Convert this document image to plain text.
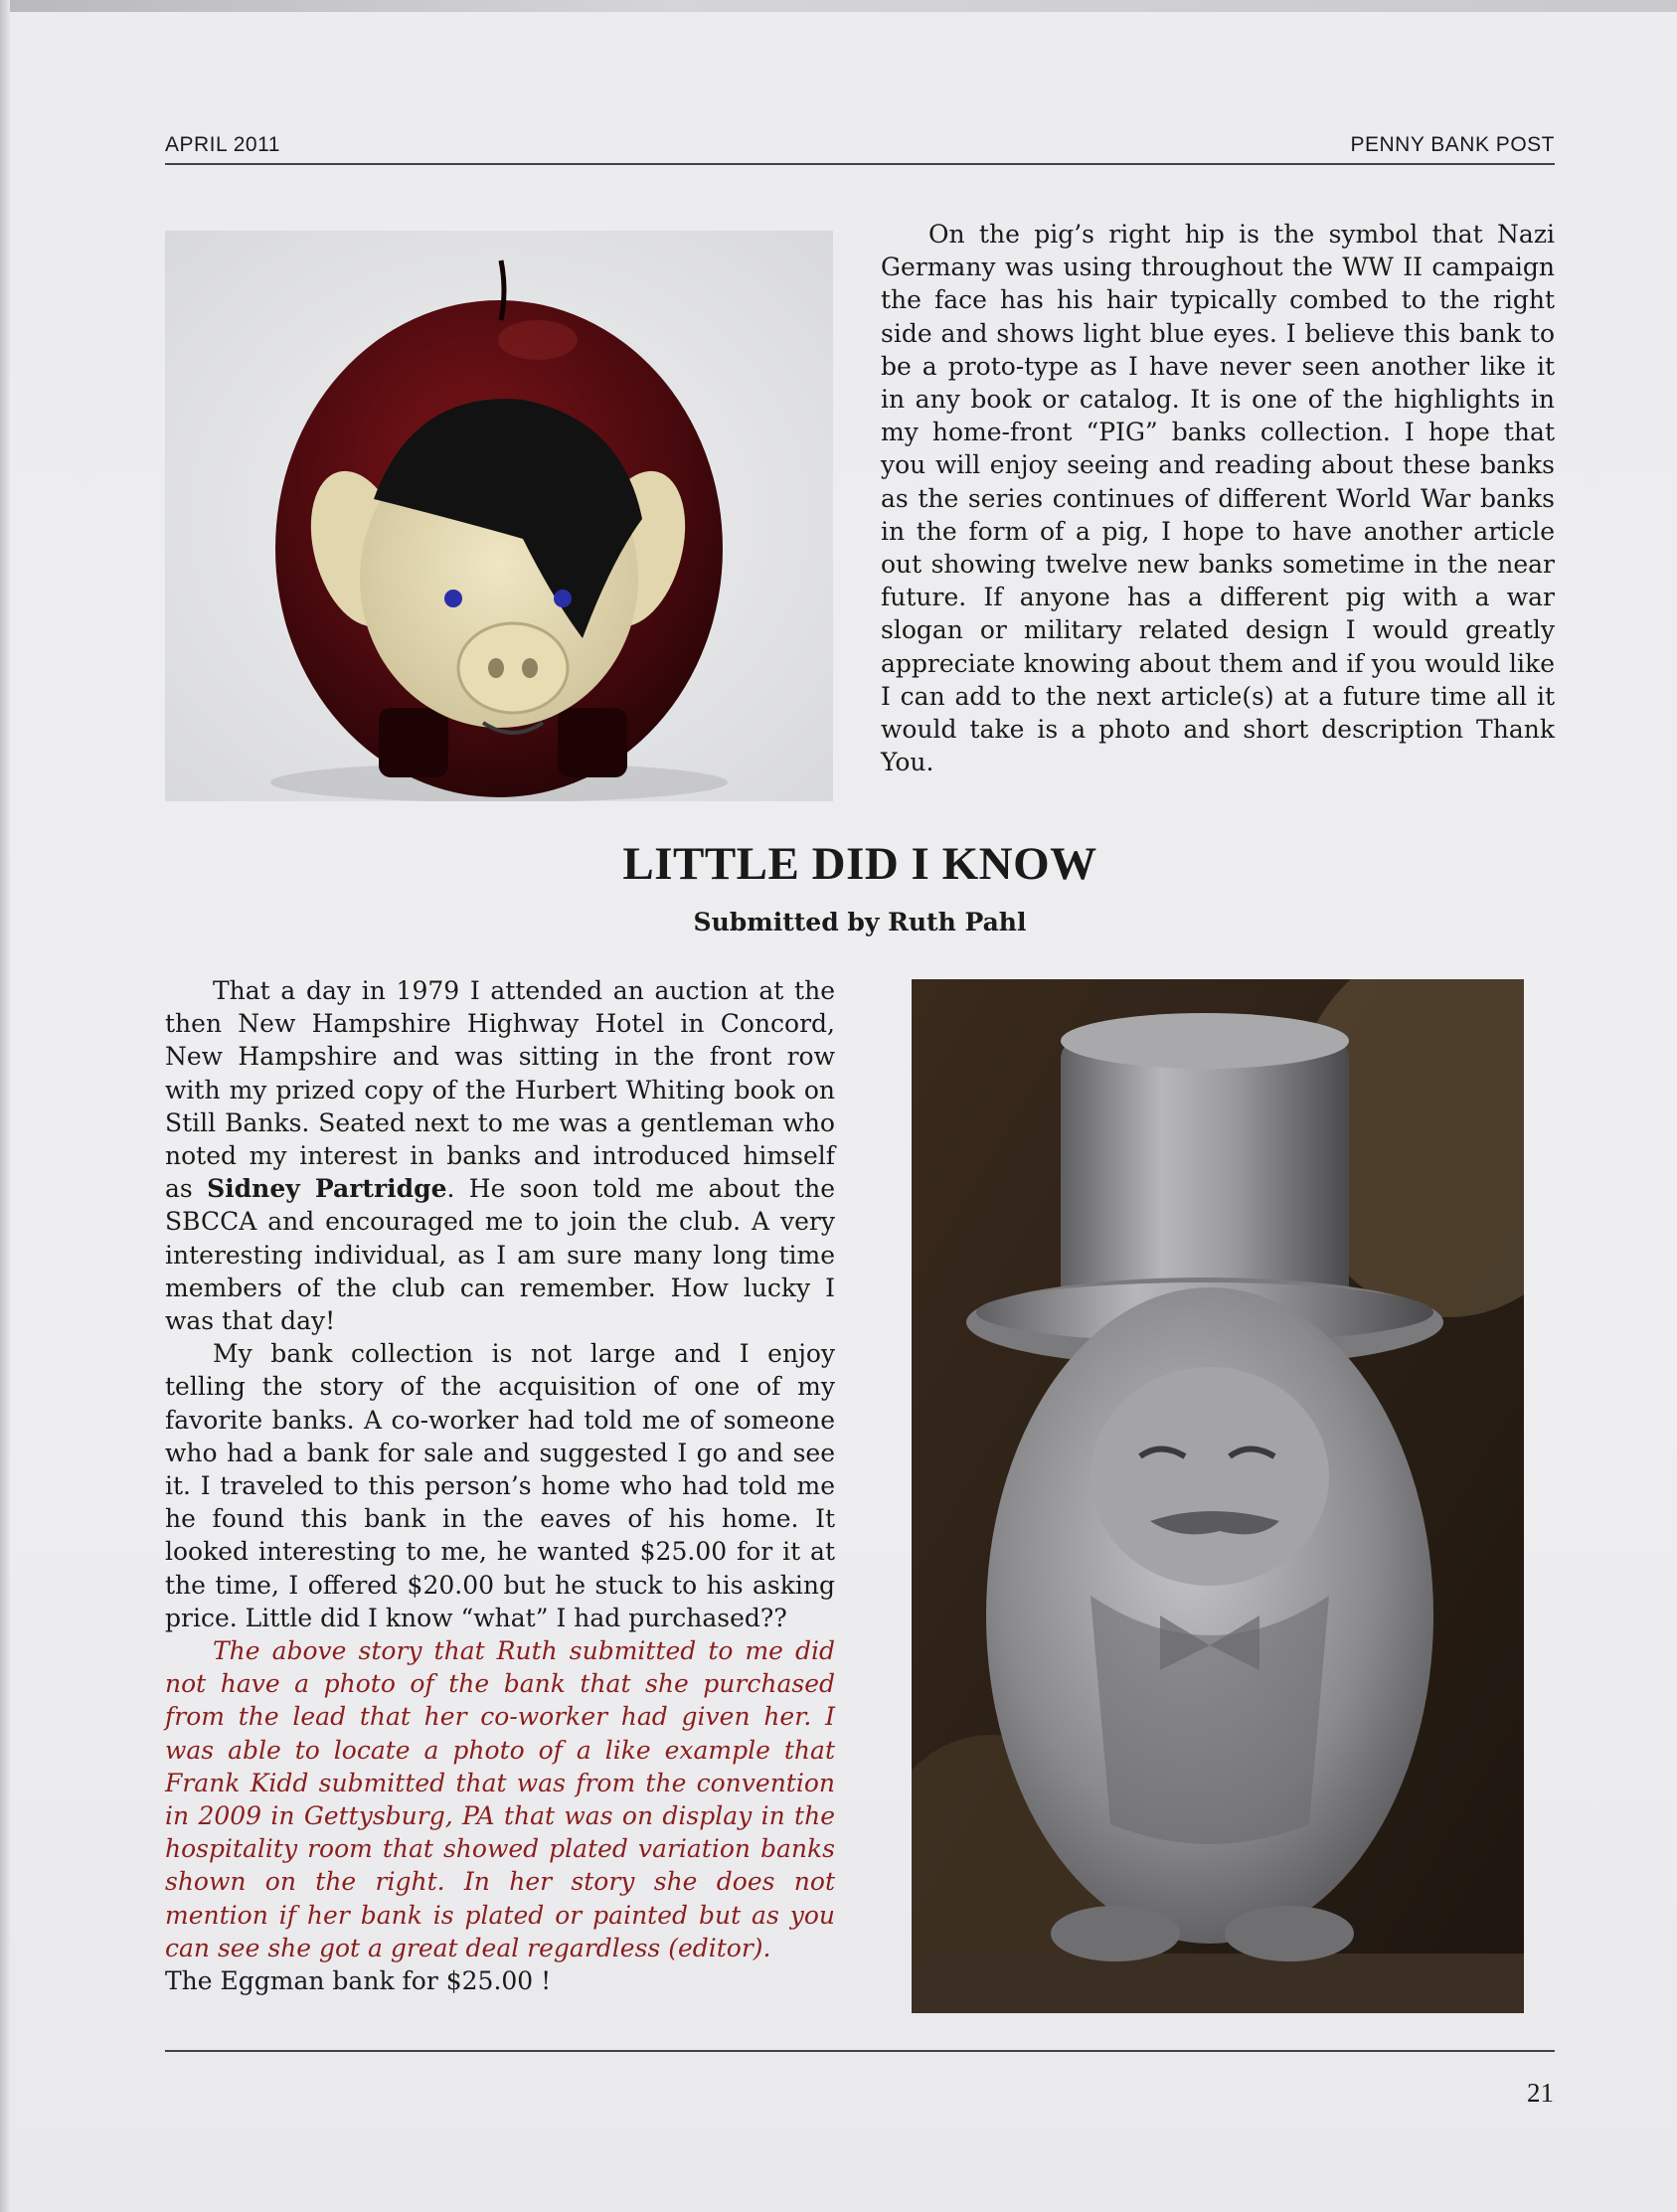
APRIL 2011	PENNY BANK POST

On the pig’s right hip is the symbol that Nazi Germany was using throughout the WW II campaign the face has his hair typically combed to the right side and shows light blue eyes. I believe this bank to be a proto-type as I have never seen another like it in any book or catalog. It is one of the highlights in my home-front “PIG” banks collection. I hope that you will enjoy seeing and reading about these banks as the series continues of different World War banks in the form of a pig, I hope to have another article out showing twelve new banks sometime in the near future. If anyone has a different pig with a war slogan or military related design I would greatly appreciate knowing about them and if you would like I can add to the next article(s) at a future time all it would take is a photo and short description Thank You.

LITTLE DID I KNOW
Submitted by Ruth Pahl

That a day in 1979 I attended an auction at the then New Hampshire Highway Hotel in Concord, New Hampshire and was sitting in the front row with my prized copy of the Hurbert Whiting book on Still Banks. Seated next to me was a gentleman who noted my interest in banks and introduced himself as Sidney Partridge. He soon told me about the SBCCA and encouraged me to join the club. A very interesting individual, as I am sure many long time members of the club can remember. How lucky I was that day!

My bank collection is not large and I enjoy telling the story of the acquisition of one of my favorite banks. A co-worker had told me of someone who had a bank for sale and suggested I go and see it. I traveled to this person’s home who had told me he found this bank in the eaves of his home. It looked interesting to me, he wanted $25.00 for it at the time, I offered $20.00 but he stuck to his asking price. Little did I know “what” I had purchased??

The above story that Ruth submitted to me did not have a photo of the bank that she purchased from the lead that her co-worker had given her. I was able to locate a photo of a like example that Frank Kidd submitted that was from the convention in 2009 in Gettysburg, PA that was on display in the hospitality room that showed plated variation banks shown on the right. In her story she does not mention if her bank is plated or painted but as you can see she got a great deal regardless (editor).

The Eggman bank for $25.00 !

21
